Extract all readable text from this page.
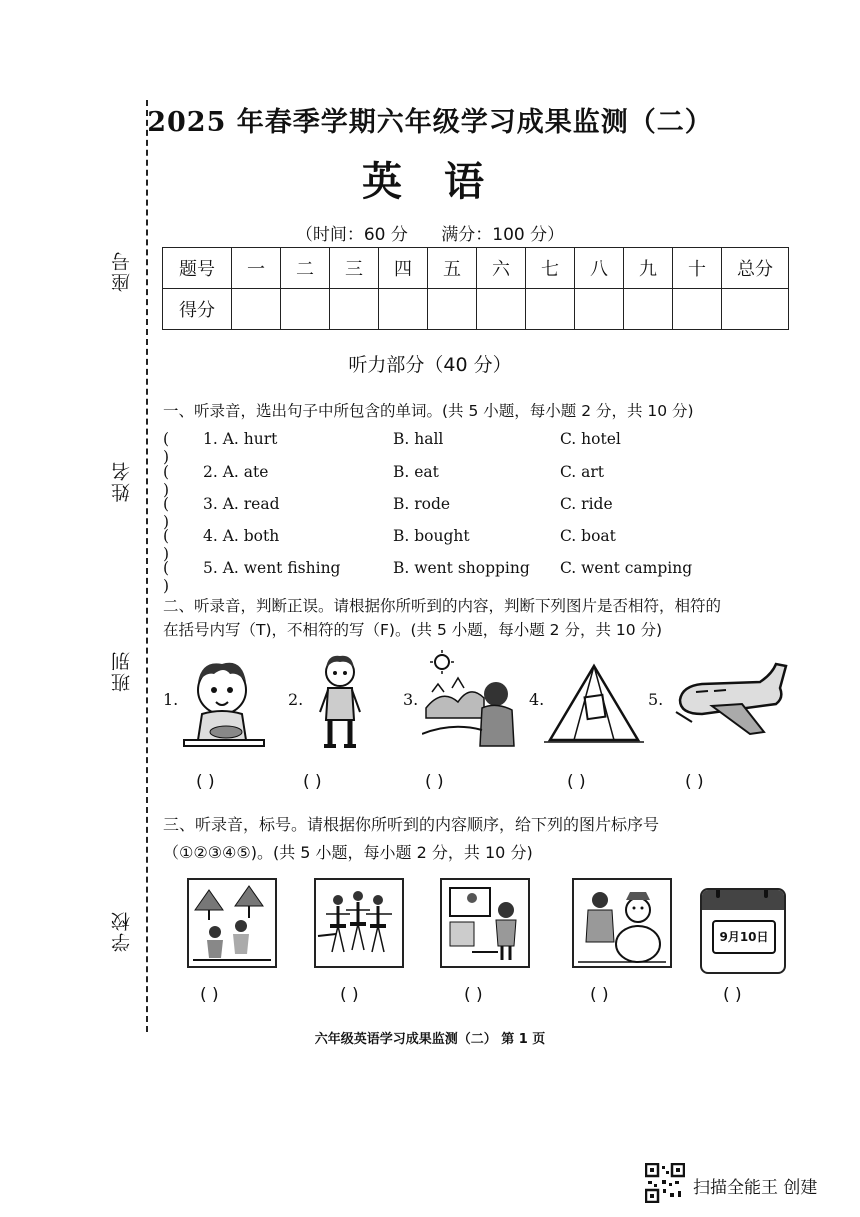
座号
姓名
班别
学校
2025 年春季学期六年级学习成果监测（二）
英 语
（时间：60 分 满分：100 分）
题号	一	二	三	四	五	六	七	八	九	十	总分
得分											
听力部分（40 分）
一、听录音，选出句子中所包含的单词。(共 5 小题，每小题 2 分，共 10 分)
( )
1. A. hurt	B. hall	C. hotel
( )
2. A. ate	B. eat	C. art
( )
3. A. read	B. rode	C. ride
( )
4. A. both	B. bought	C. boat
( )
5. A. went fishing	B. went shopping C. went camping
二、听录音，判断正误。请根据你所听到的内容，判断下列图片是否相符，相符的
在括号内写（T)，不相符的写（F)。(共 5 小题，每小题 2 分，共 10 分)
1.	2.	3.	4.	5.
( )	( )	( )	( )	( )
三、听录音，标号。请根据你所听到的内容顺序，给下列的图片标序号
（①②③④⑤)。(共 5 小题，每小题 2 分，共 10 分)
9月10日
( )	( )	( )	( )	( )
六年级英语学习成果监测（二） 第 1 页
扫描全能王 创建
